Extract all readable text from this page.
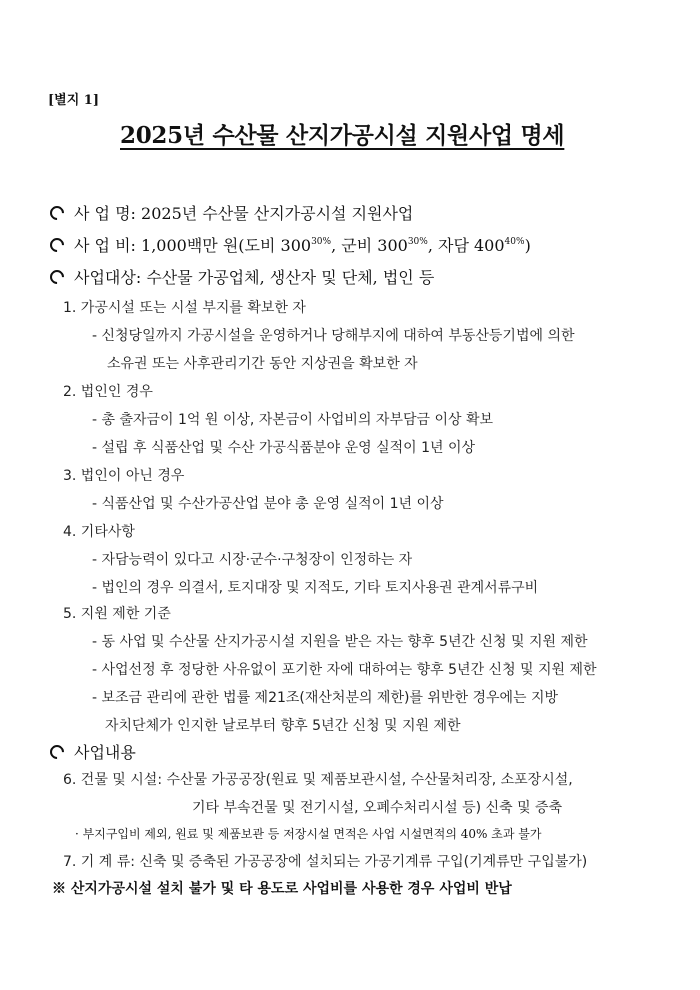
[별지 1]
2025년 수산물 산지가공시설 지원사업 명세
사 업 명: 2025년 수산물 산지가공시설 지원사업
사 업 비: 1,000백만 원(도비 $300^{30\%}$, 군비 $300^{30\%}$, 자담 $400^{40\%}$)
사업대상: 수산물 가공업체, 생산자 및 단체, 법인 등
1. 가공시설 또는 시설 부지를 확보한 자
- 신청당일까지 가공시설을 운영하거나 당해부지에 대하여 부동산등기법에 의한
소유권 또는 사후관리기간 동안 지상권을 확보한 자
2. 법인인 경우
- 총 출자금이 1억 원 이상, 자본금이 사업비의 자부담금 이상 확보
- 설립 후 식품산업 및 수산 가공식품분야 운영 실적이 1년 이상
3. 법인이 아닌 경우
- 식품산업 및 수산가공산업 분야 총 운영 실적이 1년 이상
4. 기타사항
- 자담능력이 있다고 시장·군수·구청장이 인정하는 자
- 법인의 경우 의결서, 토지대장 및 지적도, 기타 토지사용권 관계서류구비
5. 지원 제한 기준
- 동 사업 및 수산물 산지가공시설 지원을 받은 자는 향후 5년간 신청 및 지원 제한
- 사업선정 후 정당한 사유없이 포기한 자에 대하여는 향후 5년간 신청 및 지원 제한
- 보조금 관리에 관한 법률 제21조(재산처분의 제한)를 위반한 경우에는 지방
자치단체가 인지한 날로부터 향후 5년간 신청 및 지원 제한
사업내용
6. 건물 및 시설: 수산물 가공공장(원료 및 제품보관시설, 수산물처리장, 소포장시설,
기타 부속건물 및 전기시설, 오폐수처리시설 등) 신축 및 증축
· 부지구입비 제외, 원료 및 제품보관 등 저장시설 면적은 사업 시설면적의 40% 초과 불가
7. 기 계 류: 신축 및 증축된 가공공장에 설치되는 가공기계류 구입(기계류만 구입불가)
※ 산지가공시설 설치 불가 및 타 용도로 사업비를 사용한 경우 사업비 반납
